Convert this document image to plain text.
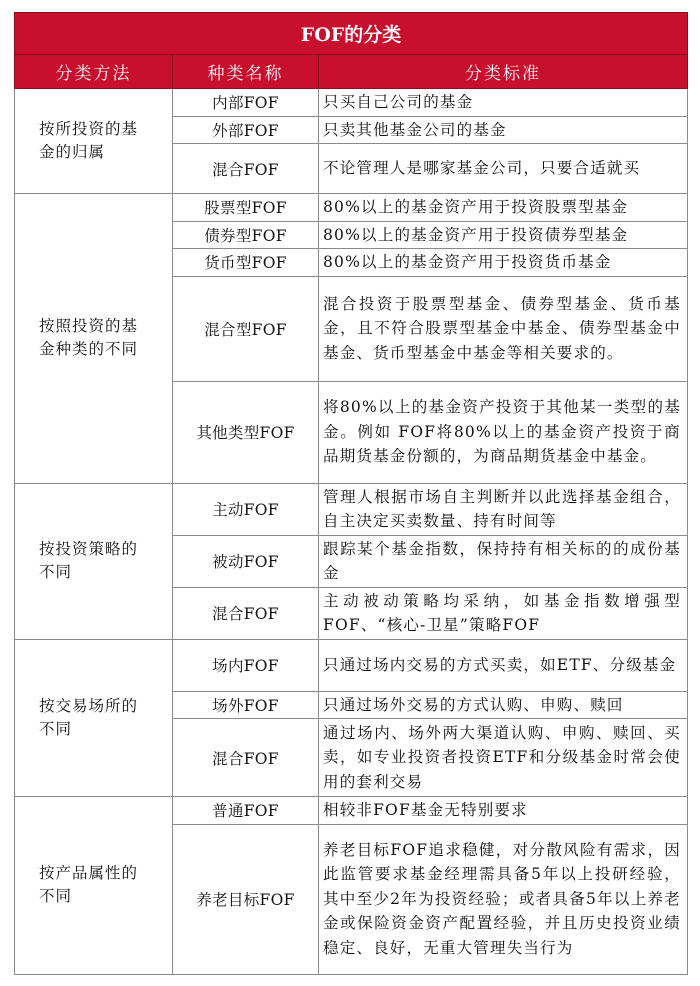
FOF的分类		
分类方法	种类名称	分类标准
按所投资的基金的归属	内部FOF	只买自己公司的基金
	外部FOF	只卖其他基金公司的基金
	混合FOF	不论管理人是哪家基金公司，只要合适就买
按照投资的基金种类的不同	股票型FOF	80%以上的基金资产用于投资股票型基金
	债券型FOF	80%以上的基金资产用于投资债券型基金
	货币型FOF	80%以上的基金资产用于投资货币基金
	混合型FOF	混合投资于股票型基金、债券型基金、货币基金，且不符合股票型基金中基金、债券型基金中基金、货币型基金中基金等相关要求的。
	其他类型FOF	将80%以上的基金资产投资于其他某一类型的基金。例如 FOF将80%以上的基金资产投资于商品期货基金份额的，为商品期货基金中基金。
按投资策略的不同	主动FOF	管理人根据市场自主判断并以此选择基金组合，自主决定买卖数量、持有时间等
	被动FOF	跟踪某个基金指数，保持持有相关标的的成份基金
	混合FOF	主动被动策略均采纳，如基金指数增强型FOF、“核心-卫星”策略FOF
按交易场所的不同	场内FOF	只通过场内交易的方式买卖，如ETF、分级基金
	场外FOF	只通过场外交易的方式认购、申购、赎回
	混合FOF	通过场内、场外两大渠道认购、申购、赎回、买卖，如专业投资者投资ETF和分级基金时常会使用的套利交易
按产品属性的不同	普通FOF	相较非FOF基金无特别要求
	养老目标FOF	养老目标FOF追求稳健，对分散风险有需求，因此监管要求基金经理需具备5年以上投研经验，其中至少2年为投资经验；或者具备5年以上养老金或保险资金资产配置经验，并且历史投资业绩稳定、良好，无重大管理失当行为
